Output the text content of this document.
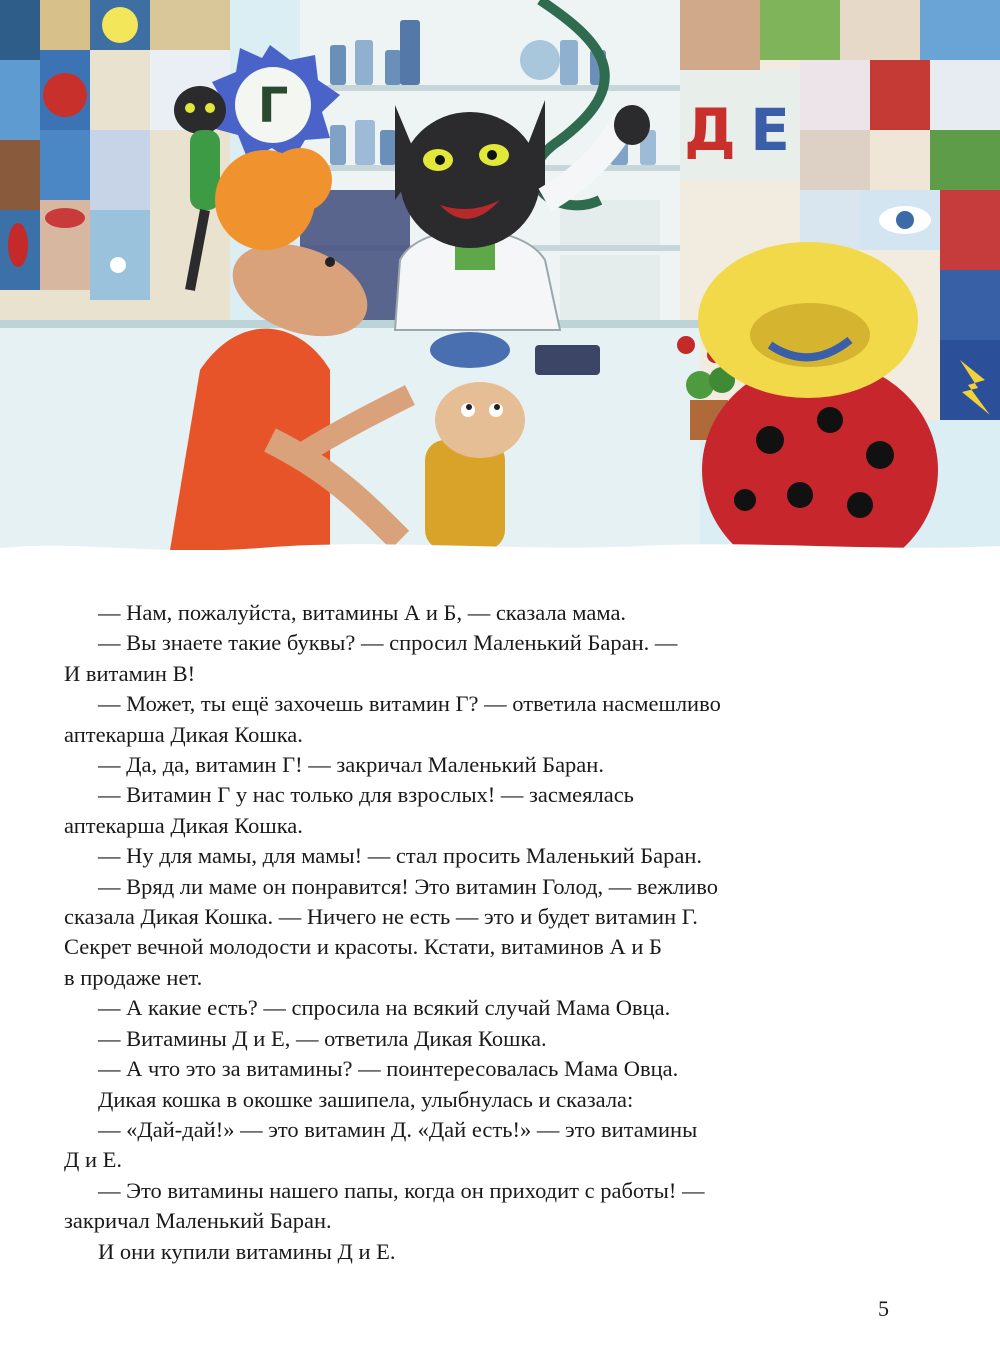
Г	Д Е

— Нам, пожалуйста, витамины А и Б, — сказала мама.

— Вы знаете такие буквы? — спросил Маленький Баран. —

И витамин В!

— Может, ты ещё захочешь витамин Г? — ответила насмешливо

аптекарша Дикая Кошка.

— Да, да, витамин Г! — закричал Маленький Баран.

— Витамин Г у нас только для взрослых! — засмеялась

аптекарша Дикая Кошка.

— Ну для мамы, для мамы! — стал просить Маленький Баран.

— Вряд ли маме он понравится! Это витамин Голод, — вежливо

сказала Дикая Кошка. — Ничего не есть — это и будет витамин Г.

Секрет вечной молодости и красоты. Кстати, витаминов А и Б

в продаже нет.

— А какие есть? — спросила на всякий случай Мама Овца.

— Витамины Д и Е, — ответила Дикая Кошка.

— А что это за витамины? — поинтересовалась Мама Овца.

Дикая кошка в окошке зашипела, улыбнулась и сказала:

— «Дай-дай!» — это витамин Д. «Дай есть!» — это витамины

Д и Е.

— Это витамины нашего папы, когда он приходит с работы! —

закричал Маленький Баран.

И они купили витамины Д и Е.

5
